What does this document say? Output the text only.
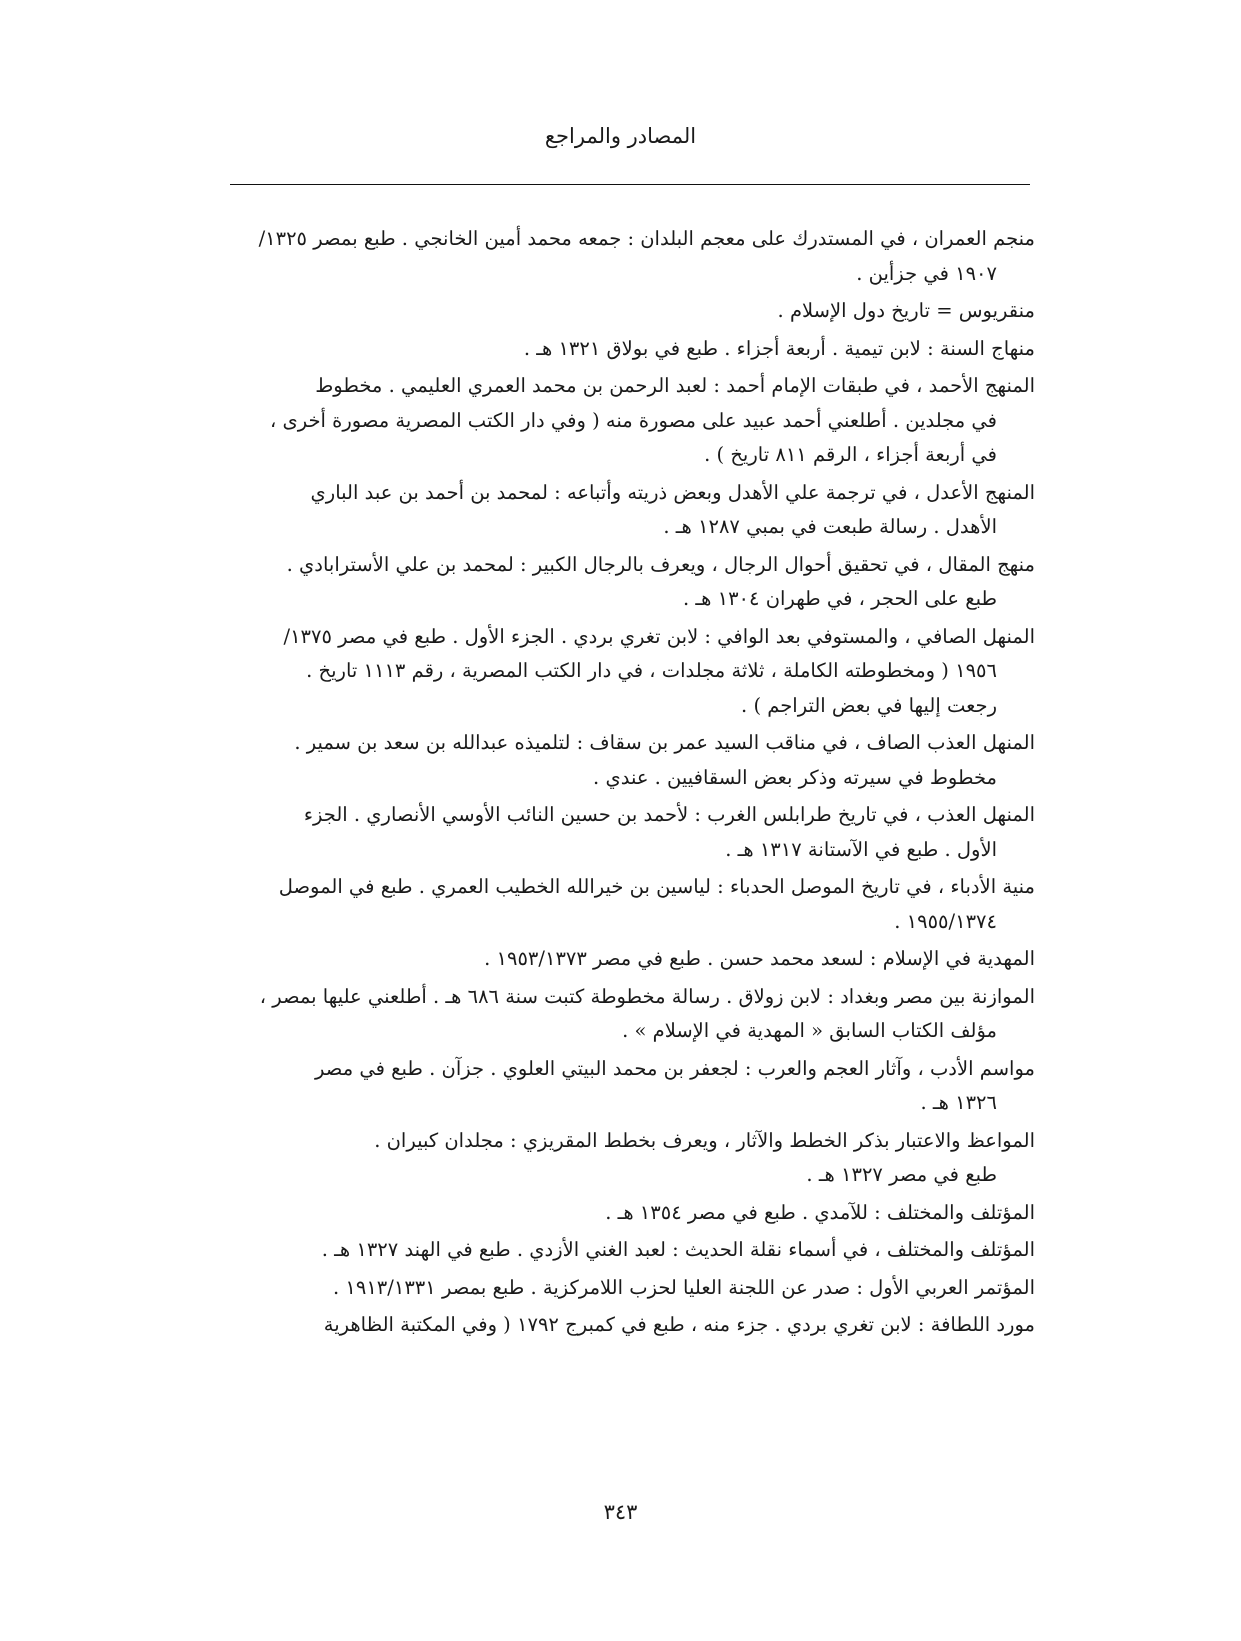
المصادر والمراجع
منجم العمران ، في المستدرك على معجم البلدان : جمعه محمد أمين الخانجي . طبع بمصر ١٣٢٥/
١٩٠٧ في جزأين .
منقريوس = تاريخ دول الإسلام .
منهاج السنة : لابن تيمية . أربعة أجزاء . طبع في بولاق ١٣٢١ هـ .
المنهج الأحمد ، في طبقات الإمام أحمد : لعبد الرحمن بن محمد العمري العليمي . مخطوط
في مجلدين . أطلعني أحمد عبيد على مصورة منه ( وفي دار الكتب المصرية مصورة أخرى ،
في أربعة أجزاء ، الرقم ٨١١ تاريخ ) .
المنهج الأعدل ، في ترجمة علي الأهدل وبعض ذريته وأتباعه : لمحمد بن أحمد بن عبد الباري
الأهدل . رسالة طبعت في بمبي ١٢٨٧ هـ .
منهج المقال ، في تحقيق أحوال الرجال ، ويعرف بالرجال الكبير : لمحمد بن علي الأسترابادي .
طبع على الحجر ، في طهران ١٣٠٤ هـ .
المنهل الصافي ، والمستوفي بعد الوافي : لابن تغري بردي . الجزء الأول . طبع في مصر ١٣٧٥/
١٩٥٦ ( ومخطوطته الكاملة ، ثلاثة مجلدات ، في دار الكتب المصرية ، رقم ١١١٣ تاريخ .
رجعت إليها في بعض التراجم ) .
المنهل العذب الصاف ، في مناقب السيد عمر بن سقاف : لتلميذه عبدالله بن سعد بن سمير .
مخطوط في سيرته وذكر بعض السقافيين . عندي .
المنهل العذب ، في تاريخ طرابلس الغرب : لأحمد بن حسين النائب الأوسي الأنصاري . الجزء
الأول . طبع في الآستانة ١٣١٧ هـ .
منية الأدباء ، في تاريخ الموصل الحدباء : لياسين بن خيرالله الخطيب العمري . طبع في الموصل
١٩٥٥/١٣٧٤ .
المهدية في الإسلام : لسعد محمد حسن . طبع في مصر ١٩٥٣/١٣٧٣ .
الموازنة بين مصر وبغداد : لابن زولاق . رسالة مخطوطة كتبت سنة ٦٨٦ هـ . أطلعني عليها بمصر ،
مؤلف الكتاب السابق « المهدية في الإسلام » .
مواسم الأدب ، وآثار العجم والعرب : لجعفر بن محمد البيتي العلوي . جزآن . طبع في مصر
١٣٢٦ هـ .
المواعظ والاعتبار بذكر الخطط والآثار ، ويعرف بخطط المقريزي : مجلدان كبيران .
طبع في مصر ١٣٢٧ هـ .
المؤتلف والمختلف : للآمدي . طبع في مصر ١٣٥٤ هـ .
المؤتلف والمختلف ، في أسماء نقلة الحديث : لعبد الغني الأزدي . طبع في الهند ١٣٢٧ هـ .
المؤتمر العربي الأول : صدر عن اللجنة العليا لحزب اللامركزية . طبع بمصر ١٩١٣/١٣٣١ .
مورد اللطافة : لابن تغري بردي . جزء منه ، طبع في كمبرج ١٧٩٢ ( وفي المكتبة الظاهرية
٣٤٣
